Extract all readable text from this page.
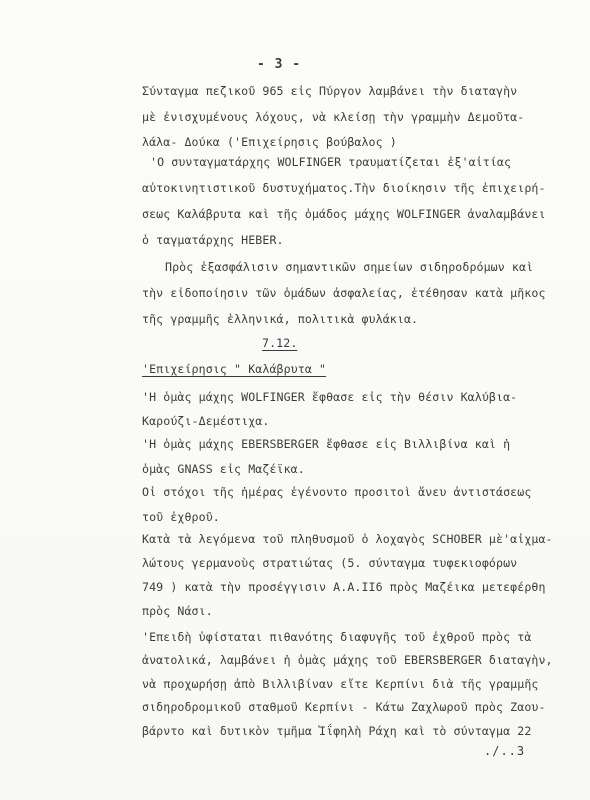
- 3 -
Σύνταγμα πεζικοῦ 965 εἰς Πύργον λαμβάνει τὴν διαταγὴν
μὲ ἐνισχυμένους λόχους, νὰ κλείσῃ τὴν γραμμὴν Δεμοῦτα-
λάλα- Δούκα ('Επιχείρησις βούβαλος )
'Ο συνταγματάρχης WOLFINGER τραυματίζεται ἐξ'αἰτίας
αὐτοκινητιστικοῦ δυστυχήματος.Τὴν διοίκησιν τῆς ἐπιχειρή-
σεως Καλάβρυτα καὶ τῆς ὁμάδος μάχης WOLFINGER ἀναλαμβάνει
ὁ ταγματάρχης HEBER.
Πρὸς ἐξασφάλισιν σημαντικῶν σημείων σιδηροδρόμων καὶ
τὴν εἰδοποίησιν τῶν ὁμάδων ἀσφαλείας, ἐτέθησαν κατὰ μῆκος
τῆς γραμμῆς ἑλληνικά, πολιτικὰ φυλάκια.
7.12.
'Επιχείρησις " Καλάβρυτα "
'Η ὁμὰς μάχης WOLFINGER ἔφθασε εἰς τὴν θέσιν Καλύβια-
Καρούζι-Δεμέστιχα.
'Η ὁμὰς μάχης EBERSBERGER ἔφθασε εἰς Βιλλιβίνα καὶ ἡ
ὁμὰς GNASS εἰς Μαζέϊκα.
Οἱ στόχοι τῆς ἡμέρας ἐγένοντο προσιτοὶ ἄνευ ἀντιστάσεως
τοῦ ἐχθροῦ.
Κατὰ τὰ λεγόμενα τοῦ πληθυσμοῦ ὁ λοχαγὸς SCHOBER μὲ'αἰχμα-
λώτους γερμανοὺς στρατιώτας (5. σύνταγμα τυφεκιοφόρων
749 ) κατὰ τὴν προσέγγισιν Α.Α.ΙΙ6 πρὸς Μαζέικα μετεφέρθη
πρὸς Νάσι.
'Επειδὴ ὑφίσταται πιθανότης διαφυγῆς τοῦ ἐχθροῦ πρὸς τὰ
ἀνατολικά, λαμβάνει ἡ ὁμὰς μάχης τοῦ EBERSBERGER διαταγὴν,
νὰ προχωρήσῃ ἀπὸ Βιλλιβίναν εἴτε Κερπίνι διὰ τῆς γραμμῆς
σιδηροδρομικοῦ σταθμοῦ Κερπίνι - Κάτω Ζαχλωροῦ πρὸς Ζαου-
βάρντο καὶ δυτικὸν τμῆμα Ἰΐφηλὴ Ράχη καὶ τὸ σύνταγμα 22
./..3
